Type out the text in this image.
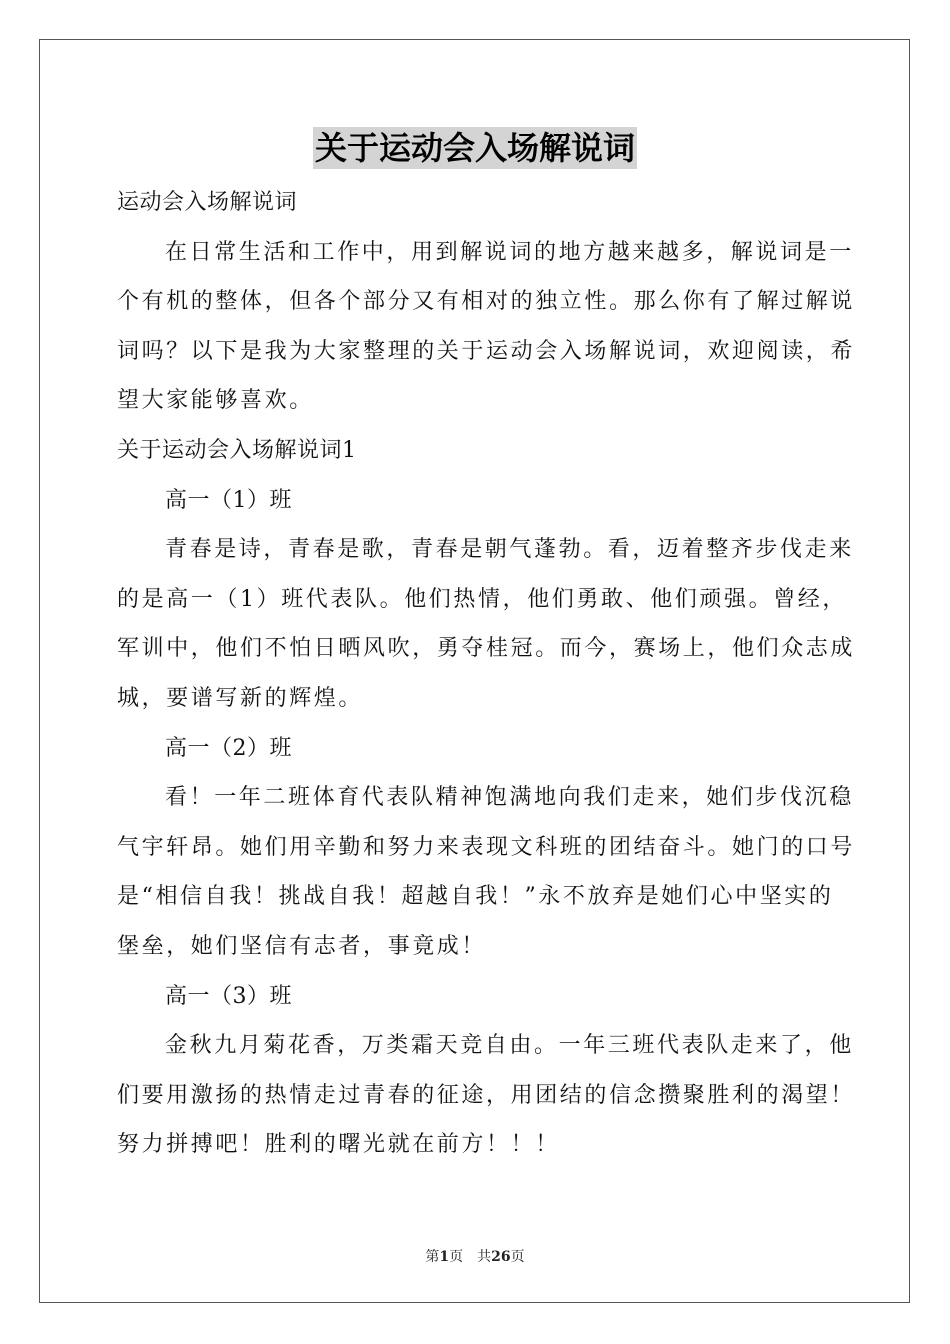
关于运动会入场解说词

运动会入场解说词

在日常生活和工作中，用到解说词的地方越来越多，解说词是一

个有机的整体，但各个部分又有相对的独立性。那么你有了解过解说

词吗？以下是我为大家整理的关于运动会入场解说词，欢迎阅读，希

望大家能够喜欢。

关于运动会入场解说词1

高一（1）班

青春是诗，青春是歌，青春是朝气蓬勃。看，迈着整齐步伐走来

的是高一（1）班代表队。他们热情，他们勇敢、他们顽强。曾经，

军训中，他们不怕日晒风吹，勇夺桂冠。而今，赛场上，他们众志成

城，要谱写新的辉煌。

高一（2）班

看！一年二班体育代表队精神饱满地向我们走来，她们步伐沉稳

气宇轩昂。她们用辛勤和努力来表现文科班的团结奋斗。她门的口号

是“相信自我！挑战自我！超越自我！”永不放弃是她们心中坚实的

堡垒，她们坚信有志者，事竟成！

高一（3）班

金秋九月菊花香，万类霜天竞自由。一年三班代表队走来了，他

们要用激扬的热情走过青春的征途，用团结的信念攒聚胜利的渴望！

努力拼搏吧！胜利的曙光就在前方！！！

第1页　共26页
